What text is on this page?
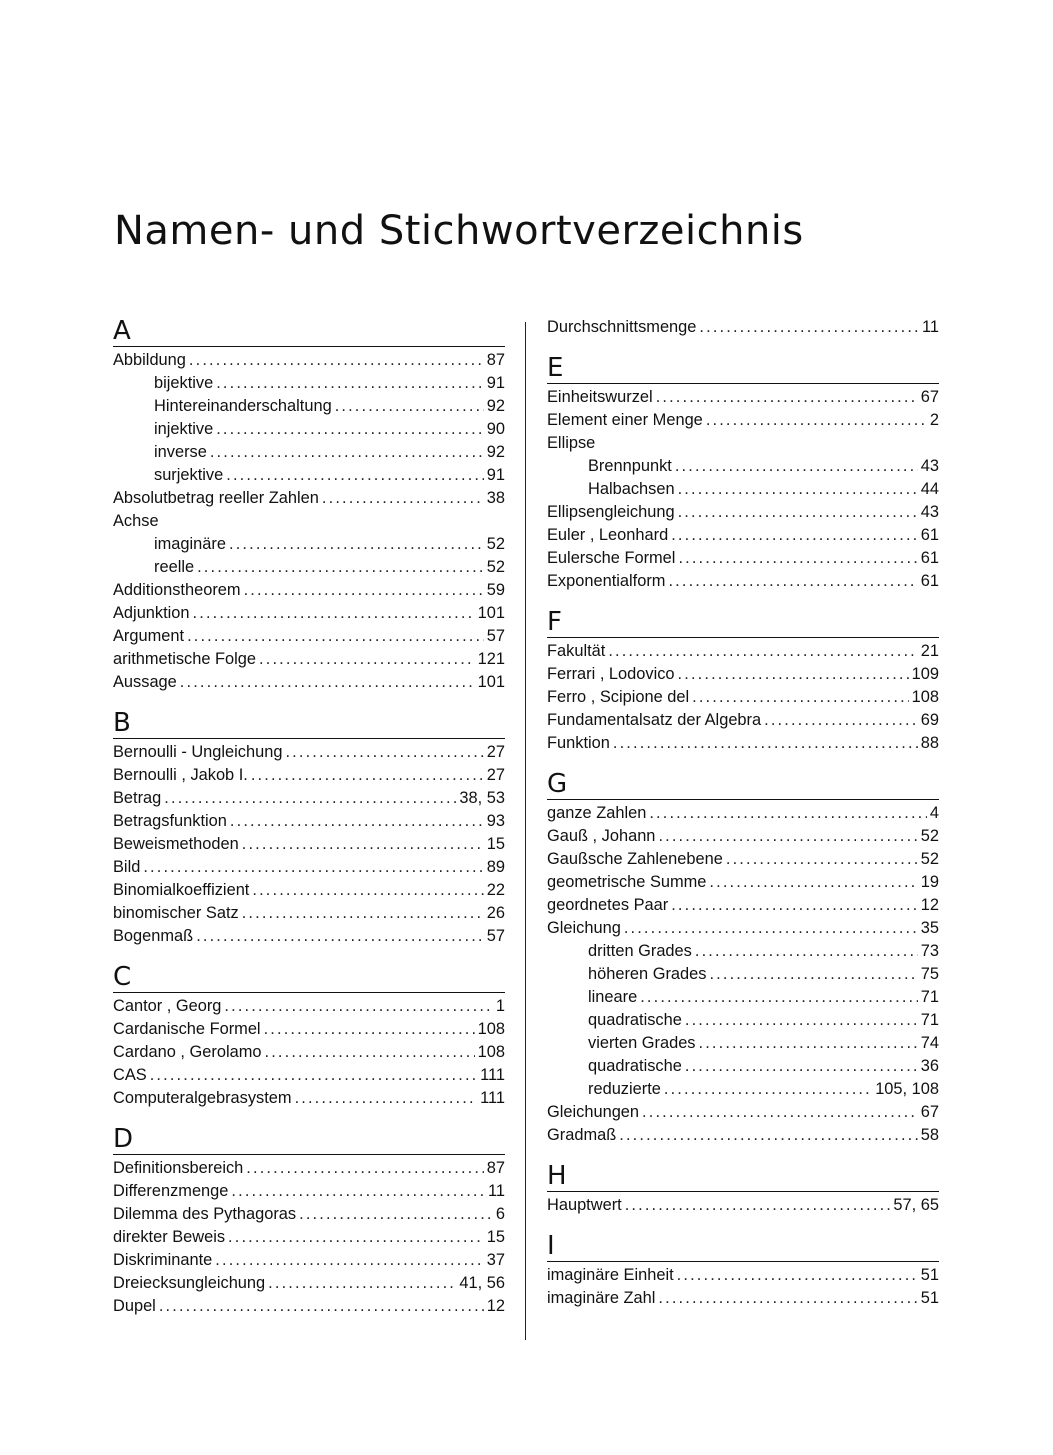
Namen- und Stichwortverzeichnis
A
Abbildung . . .	87
bijektive . . .	91
Hintereinanderschaltung . . .	92
injektive . . .	90
inverse . . .	92
surjektive . . .	91
Absolutbetrag reeller Zahlen . . .	38
Achse
imaginäre . . .	52
reelle . . .	52
Additionstheorem . . .	59
Adjunktion . . .	101
Argument . . .	57
arithmetische Folge . . .	121
Aussage . . .	101
B
Bernoulli - Ungleichung . . .	27
Bernoulli , Jakob I. . . .	27
Betrag . . .	38, 53
Betragsfunktion . . .	93
Beweismethoden . . .	15
Bild . . .	89
Binomialkoeffizient . . .	22
binomischer Satz . . .	26
Bogenmaß . . .	57
C
Cantor , Georg . . .	1
Cardanische Formel . . .	108
Cardano , Gerolamo . . .	108
CAS . . .	111
Computeralgebrasystem . . .	111
D
Definitionsbereich . . .	87
Differenzmenge . . .	11
Dilemma des Pythagoras . . .	6
direkter Beweis . . .	15
Diskriminante . . .	37
Dreiecksungleichung . . .	41, 56
Dupel . . .	12
Durchschnittsmenge . . .	11
E
Einheitswurzel . . .	67
Element einer Menge . . .	2
Ellipse
Brennpunkt . . .	43
Halbachsen . . .	44
Ellipsengleichung . . .	43
Euler , Leonhard . . .	61
Eulersche Formel . . .	61
Exponentialform . . .	61
F
Fakultät . . .	21
Ferrari , Lodovico . . .	109
Ferro , Scipione del . . .	108
Fundamentalsatz der Algebra . . .	69
Funktion . . .	88
G
ganze Zahlen . . .	4
Gauß , Johann . . .	52
Gaußsche Zahlenebene . . .	52
geometrische Summe . . .	19
geordnetes Paar . . .	12
Gleichung . . .	35
dritten Grades . . .	73
höheren Grades . . .	75
lineare . . .	71
quadratische . . .	71
vierten Grades . . .	74
quadratische . . .	36
reduzierte . . .	105, 108
Gleichungen . . .	67
Gradmaß . . .	58
H
Hauptwert . . .	57, 65
I
imaginäre Einheit . . .	51
imaginäre Zahl . . .	51
